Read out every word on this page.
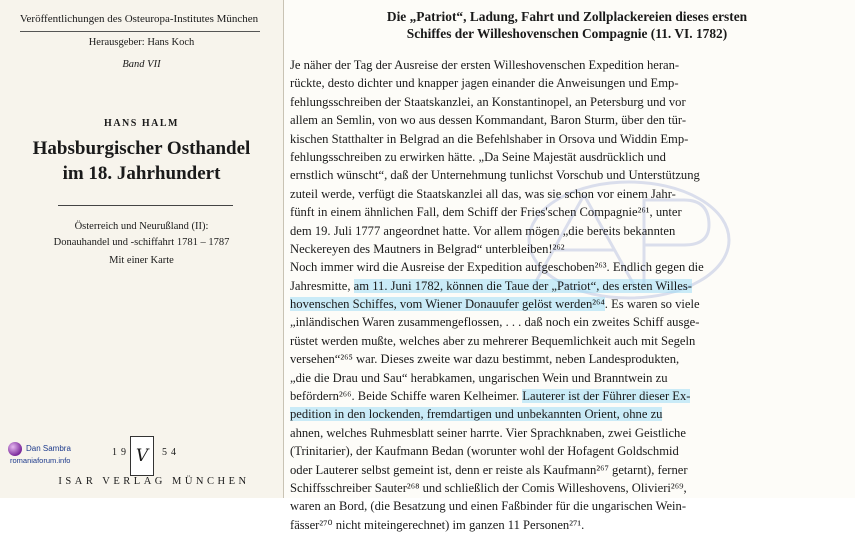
Veröffentlichungen des Osteuropa-Institutes München
Herausgeber: Hans Koch
Band VII
HANS HALM
Habsburgischer Osthandel
im 18. Jahrhundert
Österreich und Neurußland (II):
Donauhandel und -schiffahrt 1781 – 1787
Mit einer Karte
19 V	54
ISAR VERLAG MÜNCHEN
Dan Sambra
romaniaforum.info
Die „Patriot“, Ladung, Fahrt und Zollplackereien dieses ersten
Schiffes der Willeshovenschen Compagnie (11. VI. 1782)
Je näher der Tag der Ausreise der ersten Willeshovenschen Expedition heran-
rückte, desto dichter und knapper jagen einander die Anweisungen und Emp-
fehlungsschreiben der Staatskanzlei, an Konstantinopel, an Petersburg und vor
allem an Semlin, von wo aus dessen Kommandant, Baron Sturm, über den tür-
kischen Statthalter in Belgrad an die Befehlshaber in Orsova und Widdin Emp-
fehlungsschreiben zu erwirken hätte. „Da Seine Majestät ausdrücklich und
ernstlich wünscht“, daß der Unternehmung tunlichst Vorschub und Unterstützung
zuteil werde, verfügt die Staatskanzlei all das, was sie schon vor einem Jahr-
fünft in einem ähnlichen Fall, dem Schiff der Fries'schen Compagnie²⁶¹, unter
dem 19. Juli 1777 angeordnet hatte. Vor allem mögen „die bereits bekannten
Neckereyen des Mautners in Belgrad“ unterbleiben!²⁶²
Noch immer wird die Ausreise der Expedition aufgeschoben²⁶³. Endlich gegen die
Jahresmitte, am 11. Juni 1782, können die Taue der „Patriot“, des ersten Willes-
hovenschen Schiffes, vom Wiener Donauufer gelöst werden²⁶⁴. Es waren so viele
„inländischen Waren zusammengeflossen, . . . daß noch ein zweites Schiff ausge-
rüstet werden mußte, welches aber zu mehrerer Bequemlichkeit auch mit Segeln
versehen“²⁶⁵ war. Dieses zweite war dazu bestimmt, neben Landesprodukten,
„die die Drau und Sau“ herabkamen, ungarischen Wein und Branntwein zu
befördern²⁶⁶. Beide Schiffe waren Kelheimer. Lauterer ist der Führer dieser Ex-
pedition in den lockenden, fremdartigen und unbekannten Orient, ohne zu
ahnen, welches Ruhmesblatt seiner harrte. Vier Sprachknaben, zwei Geistliche
(Trinitarier), der Kaufmann Bedan (worunter wohl der Hofagent Goldschmid
oder Lauterer selbst gemeint ist, denn er reiste als Kaufmann²⁶⁷ getarnt), ferner
Schiffsschreiber Sauter²⁶⁸ und schließlich der Comis Willeshovens, Olivieri²⁶⁹,
waren an Bord, (die Besatzung und einen Faßbinder für die ungarischen Wein-
fässer²⁷⁰ nicht miteingerechnet) im ganzen 11 Personen²⁷¹.
